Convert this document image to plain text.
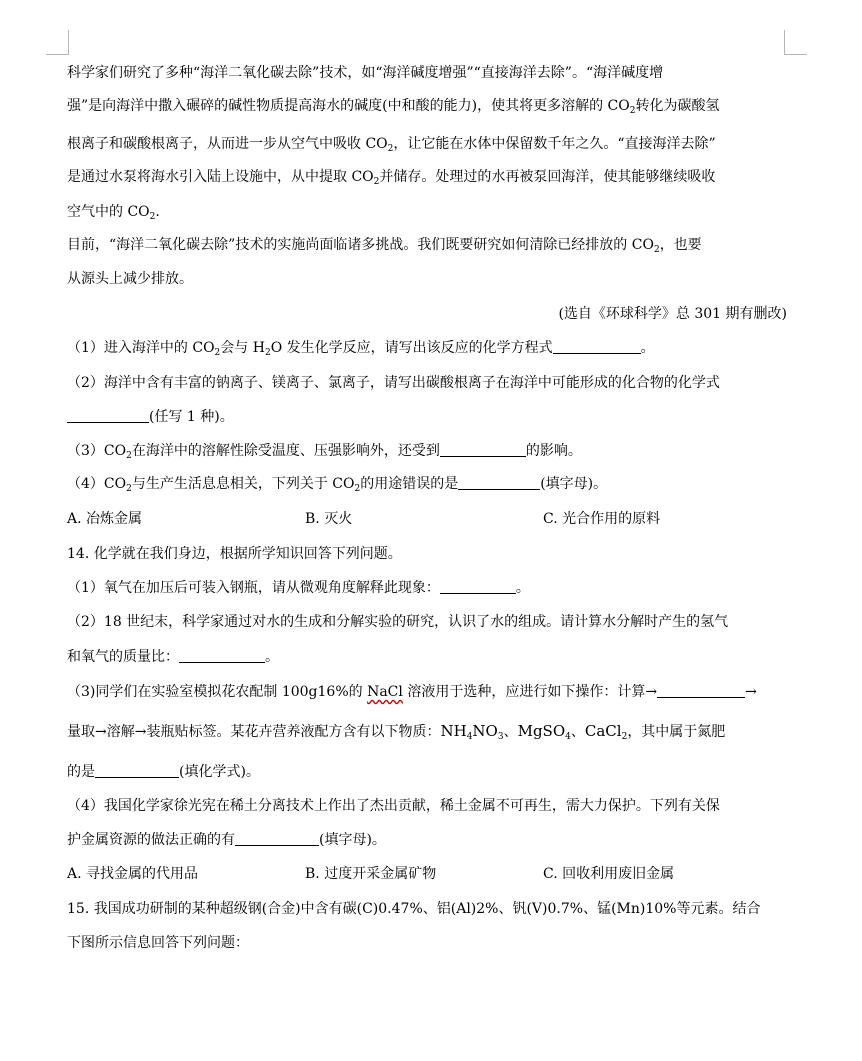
科学家们研究了多种“海洋二氧化碳去除”技术，如“海洋碱度增强”“直接海洋去除”。“海洋碱度增
强”是向海洋中撒入碾碎的碱性物质提高海水的碱度(中和酸的能力)，使其将更多溶解的 $CO_2$转化为碳酸氢
根离子和碳酸根离子，从而进一步从空气中吸收 $CO_2$，让它能在水体中保留数千年之久。“直接海洋去除”
是通过水泵将海水引入陆上设施中，从中提取 $CO_2$并储存。处理过的水再被泵回海洋，使其能够继续吸收
空气中的 $CO_2$.
目前，“海洋二氧化碳去除”技术的实施尚面临诸多挑战。我们既要研究如何清除已经排放的 $CO_2$，也要
从源头上减少排放。
(选自《环球科学》总 301 期有删改)
（1）进入海洋中的 $CO_2$会与 $H_2O$ 发生化学反应，请写出该反应的化学方程式	。
（2）海洋中含有丰富的钠离子、镁离子、氯离子，请写出碳酸根离子在海洋中可能形成的化合物的化学式
(任写 1 种)。
$(3)CO_2$在海洋中的溶解性除受温度、压强影响外，还受到	的影响。
$(4)CO_2$与生产生活息息相关，下列关于 $CO_2$的用途错误的是	(填字母)。
A. 冶炼金属	B. 灭火	C. 光合作用的原料
14. 化学就在我们身边，根据所学知识回答下列问题。
（1）氧气在加压后可装入钢瓶，请从微观角度解释此现象：	。
（2）18 世纪末，科学家通过对水的生成和分解实验的研究，认识了水的组成。请计算水分解时产生的氢气
和氧气的质量比：	。
（3)同学们在实验室模拟花农配制 100g16%的 NaCl 溶液用于选种，应进行如下操作：计算→	→
量取→溶解→装瓶贴标签。某花卉营养液配方含有以下物质：$NH_4NO_3$、MgSO$_4$、CaCl$_2$，其中属于氮肥
的是	(填化学式)。
（4）我国化学家徐光宪在稀土分离技术上作出了杰出贡献，稀土金属不可再生，需大力保护。下列有关保
护金属资源的做法正确的有	(填字母)。
A. 寻找金属的代用品	B. 过度开采金属矿物	C. 回收利用废旧金属
15. 我国成功研制的某种超级钢(合金)中含有碳(C)0.47%、铝(Al)2%、钒(V)0.7%、锰(Mn)10%等元素。结合
下图所示信息回答下列问题：
